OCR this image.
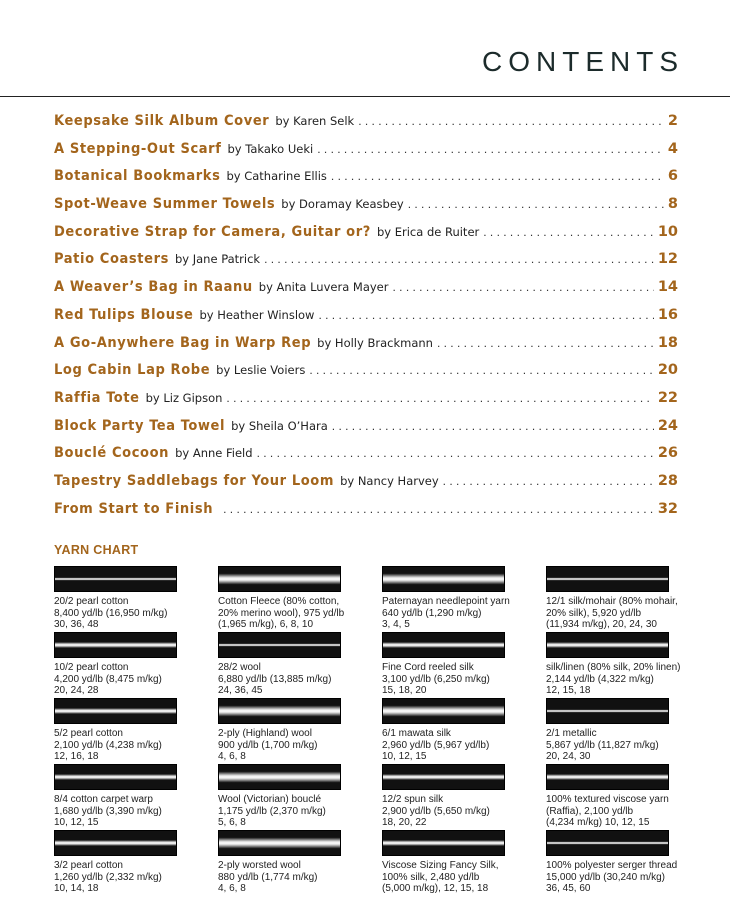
CONTENTS
Keepsake Silk Album Cover by Karen Selk . . .	2
A Stepping-Out Scarf by Takako Ueki . . .	4
Botanical Bookmarks by Catharine Ellis . . .	6
Spot-Weave Summer Towels by Doramay Keasbey . . .	8
Decorative Strap for Camera, Guitar or? by Erica de Ruiter . . .	10
Patio Coasters by Jane Patrick . . .	12
A Weaver’s Bag in Raanu by Anita Luvera Mayer . . .	14
Red Tulips Blouse by Heather Winslow . . .	16
A Go-Anywhere Bag in Warp Rep by Holly Brackmann . . .	18
Log Cabin Lap Robe by Leslie Voiers . . .	20
Raffia Tote by Liz Gipson . . .	22
Block Party Tea Towel by Sheila O’Hara . . .	24
Bouclé Cocoon by Anne Field . . .	26
Tapestry Saddlebags for Your Loom by Nancy Harvey . . .	28
From Start to Finish . . .	32
YARN CHART
20/2 pearl cotton
8,400 yd/lb (16,950 m/kg)
30, 36, 48
Cotton Fleece (80% cotton,
20% merino wool), 975 yd/lb
(1,965 m/kg), 6, 8, 10
Paternayan needlepoint yarn
640 yd/lb (1,290 m/kg)
3, 4, 5
12/1 silk/mohair (80% mohair,
20% silk), 5,920 yd/lb
(11,934 m/kg), 20, 24, 30
10/2 pearl cotton
4,200 yd/lb (8,475 m/kg)
20, 24, 28
28/2 wool
6,880 yd/lb (13,885 m/kg)
24, 36, 45
Fine Cord reeled silk
3,100 yd/lb (6,250 m/kg)
15, 18, 20
silk/linen (80% silk, 20% linen)
2,144 yd/lb (4,322 m/kg)
12, 15, 18
5/2 pearl cotton
2,100 yd/lb (4,238 m/kg)
12, 16, 18
2-ply (Highland) wool
900 yd/lb (1,700 m/kg)
4, 6, 8
6/1 mawata silk
2,960 yd/lb (5,967 yd/lb)
10, 12, 15
2/1 metallic
5,867 yd/lb (11,827 m/kg)
20, 24, 30
8/4 cotton carpet warp
1,680 yd/lb (3,390 m/kg)
10, 12, 15
Wool (Victorian) bouclé
1,175 yd/lb (2,370 m/kg)
5, 6, 8
12/2 spun silk
2,900 yd/lb (5,650 m/kg)
18, 20, 22
100% textured viscose yarn
(Raffia), 2,100 yd/lb
(4,234 m/kg) 10, 12, 15
3/2 pearl cotton
1,260 yd/lb (2,332 m/kg)
10, 14, 18
2-ply worsted wool
880 yd/lb (1,774 m/kg)
4, 6, 8
Viscose Sizing Fancy Silk,
100% silk, 2,480 yd/lb
(5,000 m/kg), 12, 15, 18
100% polyester serger thread
15,000 yd/lb (30,240 m/kg)
36, 45, 60
